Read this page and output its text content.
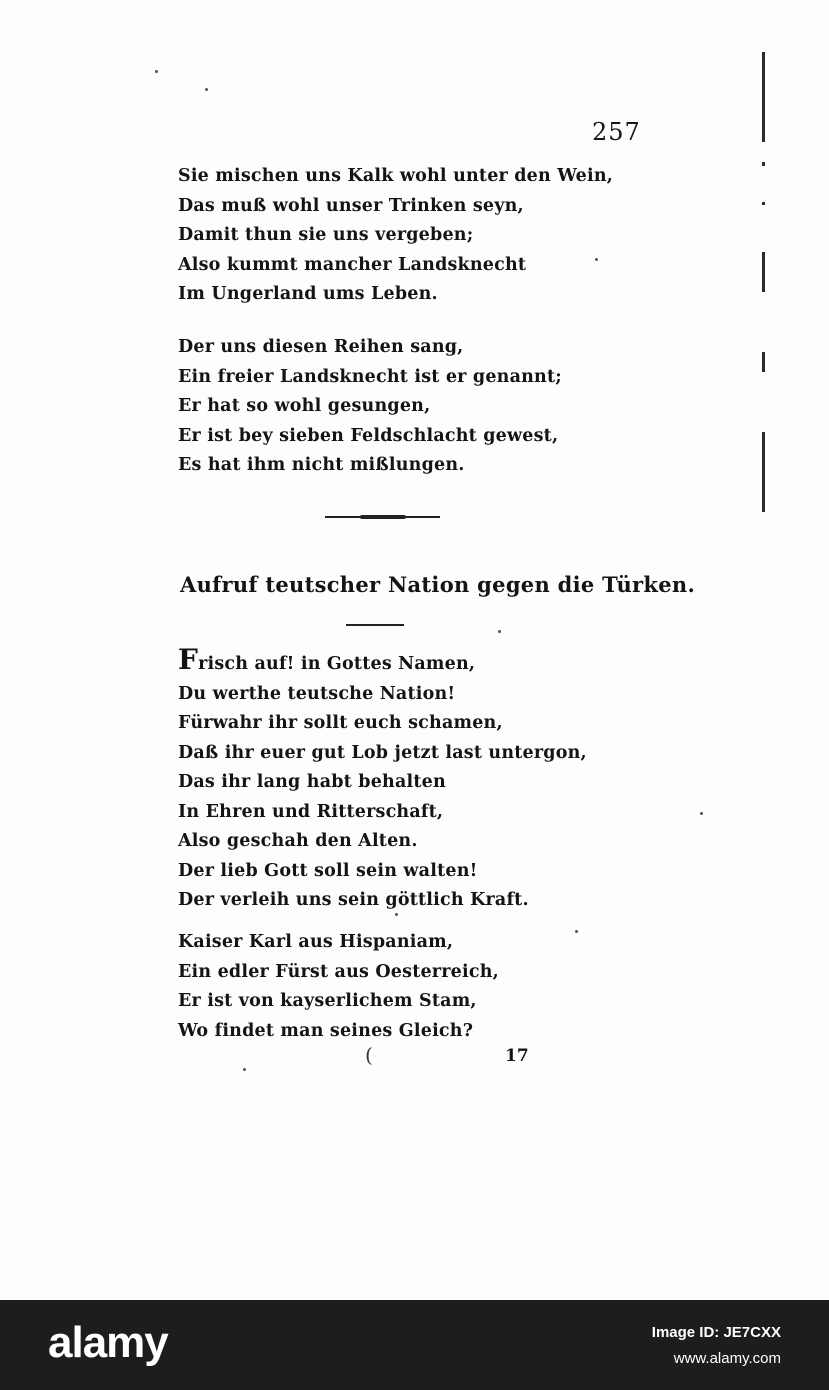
257
Sie mischen uns Kalk wohl unter den Wein,
Das muß wohl unser Trinken seyn,
Damit thun sie uns vergeben;
Also kummt mancher Landsknecht
Im Ungerland ums Leben.
Der uns diesen Reihen sang,
Ein freier Landsknecht ist er genannt;
Er hat so wohl gesungen,
Er ist bey sieben Feldschlacht gewest,
Es hat ihm nicht mißlungen.
Aufruf teutscher Nation gegen die Türken.
Frisch auf! in Gottes Namen,
Du werthe teutsche Nation!
Fürwahr ihr sollt euch schamen,
Daß ihr euer gut Lob jetzt last untergon,
Das ihr lang habt behalten
In Ehren und Ritterschaft,
Also geschah den Alten.
Der lieb Gott soll sein walten!
Der verleih uns sein göttlich Kraft.
Kaiser Karl aus Hispaniam,
Ein edler Fürst aus Oesterreich,
Er ist von kayserlichem Stam,
Wo findet man seines Gleich?
(	17
alamy	Image ID: JE7CXX
www.alamy.com
